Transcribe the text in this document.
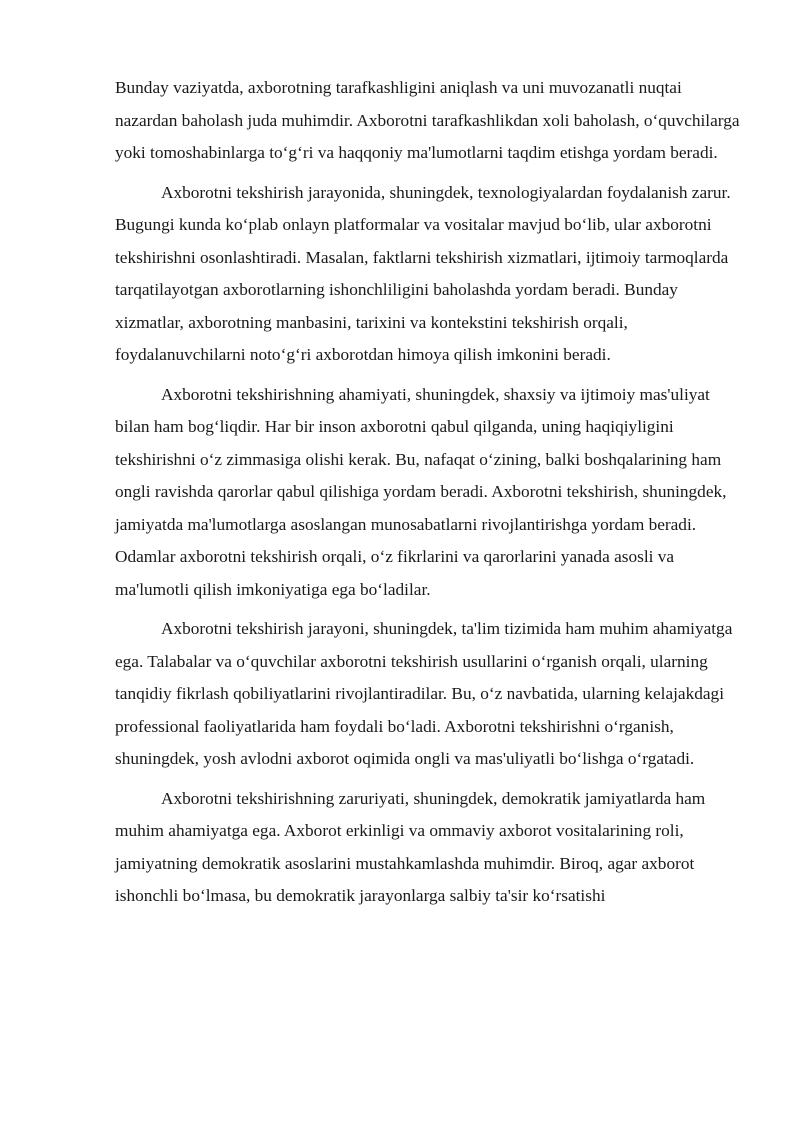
Bunday vaziyatda, axborotning tarafkashligini aniqlash va uni muvozanatli nuqtai nazardan baholash juda muhimdir. Axborotni tarafkashlikdan xoli baholash, o‘quvchilarga yoki tomoshabinlarga to‘g‘ri va haqqoniy ma'lumotlarni taqdim etishga yordam beradi.

Axborotni tekshirish jarayonida, shuningdek, texnologiyalardan foydalanish zarur. Bugungi kunda ko‘plab onlayn platformalar va vositalar mavjud bo‘lib, ular axborotni tekshirishni osonlashtiradi. Masalan, faktlarni tekshirish xizmatlari, ijtimoiy tarmoqlarda tarqatilayotgan axborotlarning ishonchliligini baholashda yordam beradi. Bunday xizmatlar, axborotning manbasini, tarixini va kontekstini tekshirish orqali, foydalanuvchilarni noto‘g‘ri axborotdan himoya qilish imkonini beradi.

Axborotni tekshirishning ahamiyati, shuningdek, shaxsiy va ijtimoiy mas'uliyat bilan ham bog‘liqdir. Har bir inson axborotni qabul qilganda, uning haqiqiyligini tekshirishni o‘z zimmasiga olishi kerak. Bu, nafaqat o‘zining, balki boshqalarining ham ongli ravishda qarorlar qabul qilishiga yordam beradi. Axborotni tekshirish, shuningdek, jamiyatda ma'lumotlarga asoslangan munosabatlarni rivojlantirishga yordam beradi. Odamlar axborotni tekshirish orqali, o‘z fikrlarini va qarorlarini yanada asosli va ma'lumotli qilish imkoniyatiga ega bo‘ladilar.

Axborotni tekshirish jarayoni, shuningdek, ta'lim tizimida ham muhim ahamiyatga ega. Talabalar va o‘quvchilar axborotni tekshirish usullarini o‘rganish orqali, ularning tanqidiy fikrlash qobiliyatlarini rivojlantiradilar. Bu, o‘z navbatida, ularning kelajakdagi professional faoliyatlarida ham foydali bo‘ladi. Axborotni tekshirishni o‘rganish, shuningdek, yosh avlodni axborot oqimida ongli va mas'uliyatli bo‘lishga o‘rgatadi.

Axborotni tekshirishning zaruriyati, shuningdek, demokratik jamiyatlarda ham muhim ahamiyatga ega. Axborot erkinligi va ommaviy axborot vositalarining roli, jamiyatning demokratik asoslarini mustahkamlashda muhimdir. Biroq, agar axborot ishonchli bo‘lmasa, bu demokratik jarayonlarga salbiy ta'sir ko‘rsatishi
